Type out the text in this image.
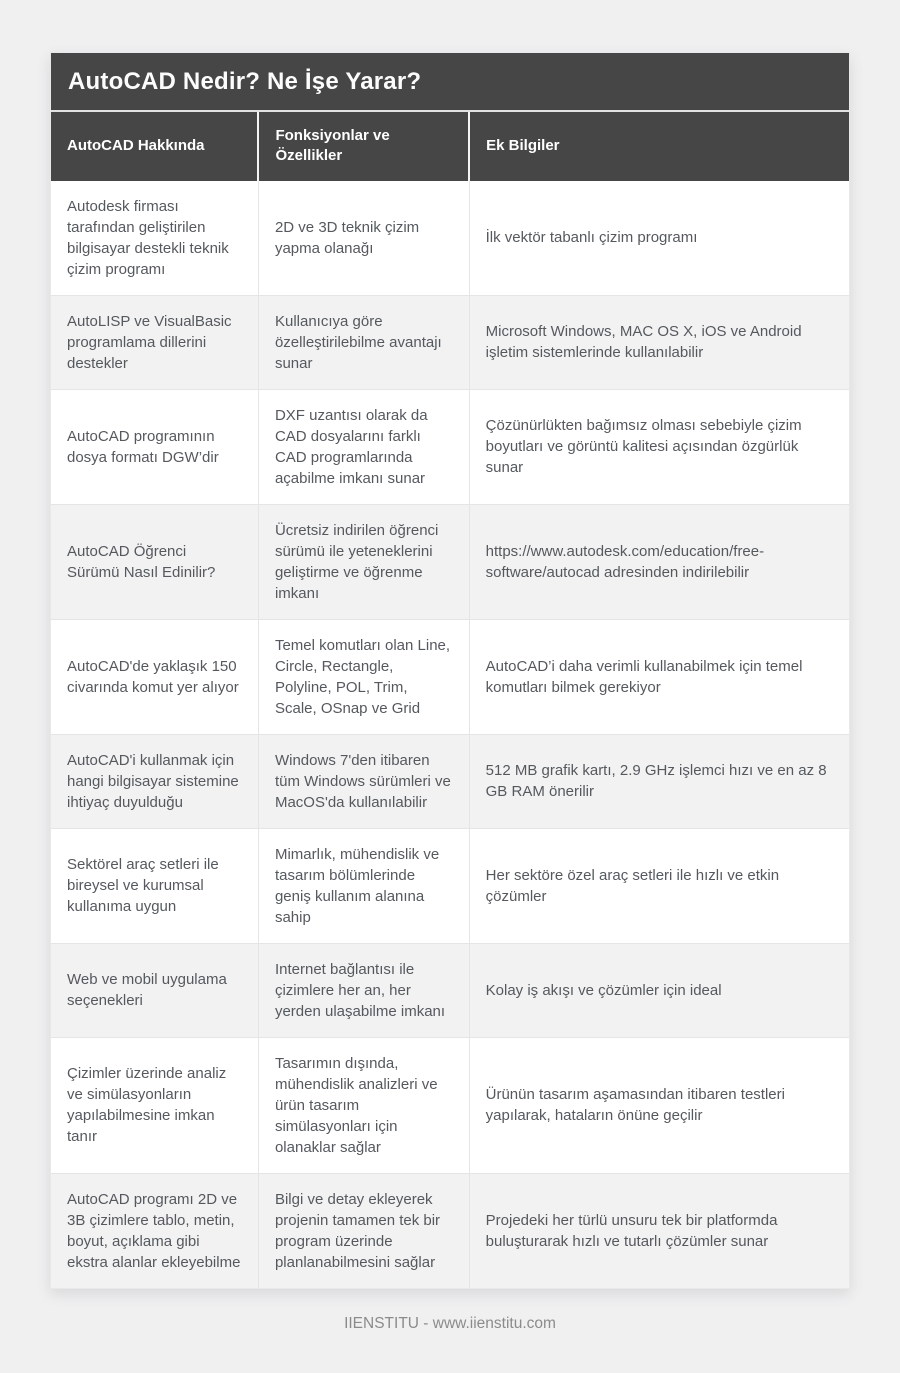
AutoCAD Nedir? Ne İşe Yarar?
AutoCAD Hakkında	Fonksiyonlar ve Özellikler	Ek Bilgiler
Autodesk firması tarafından geliştirilen bilgisayar destekli teknik çizim programı	2D ve 3D teknik çizim yapma olanağı	İlk vektör tabanlı çizim programı
AutoLISP ve VisualBasic programlama dillerini destekler	Kullanıcıya göre özelleştirilebilme avantajı sunar	Microsoft Windows, MAC OS X, iOS ve Android işletim sistemlerinde kullanılabilir
AutoCAD programının dosya formatı DGW’dir	DXF uzantısı olarak da CAD dosyalarını farklı CAD programlarında açabilme imkanı sunar	Çözünürlükten bağımsız olması sebebiyle çizim boyutları ve görüntü kalitesi açısından özgürlük sunar
AutoCAD Öğrenci Sürümü Nasıl Edinilir?	Ücretsiz indirilen öğrenci sürümü ile yeteneklerini geliştirme ve öğrenme imkanı	https://www.autodesk.com/education/free-software/autocad adresinden indirilebilir
AutoCAD'de yaklaşık 150 civarında komut yer alıyor	Temel komutları olan Line, Circle, Rectangle, Polyline, POL, Trim, Scale, OSnap ve Grid	AutoCAD’i daha verimli kullanabilmek için temel komutları bilmek gerekiyor
AutoCAD'i kullanmak için hangi bilgisayar sistemine ihtiyaç duyulduğu	Windows 7'den itibaren tüm Windows sürümleri ve MacOS'da kullanılabilir	512 MB grafik kartı, 2.9 GHz işlemci hızı ve en az 8 GB RAM önerilir
Sektörel araç setleri ile bireysel ve kurumsal kullanıma uygun	Mimarlık, mühendislik ve tasarım bölümlerinde geniş kullanım alanına sahip	Her sektöre özel araç setleri ile hızlı ve etkin çözümler
Web ve mobil uygulama seçenekleri	Internet bağlantısı ile çizimlere her an, her yerden ulaşabilme imkanı	Kolay iş akışı ve çözümler için ideal
Çizimler üzerinde analiz ve simülasyonların yapılabilmesine imkan tanır	Tasarımın dışında, mühendislik analizleri ve ürün tasarım simülasyonları için olanaklar sağlar	Ürünün tasarım aşamasından itibaren testleri yapılarak, hataların önüne geçilir
AutoCAD programı 2D ve 3B çizimlere tablo, metin, boyut, açıklama gibi ekstra alanlar ekleyebilme	Bilgi ve detay ekleyerek projenin tamamen tek bir program üzerinde planlanabilmesini sağlar	Projedeki her türlü unsuru tek bir platformda buluşturarak hızlı ve tutarlı çözümler sunar
IIENSTITU - www.iienstitu.com
